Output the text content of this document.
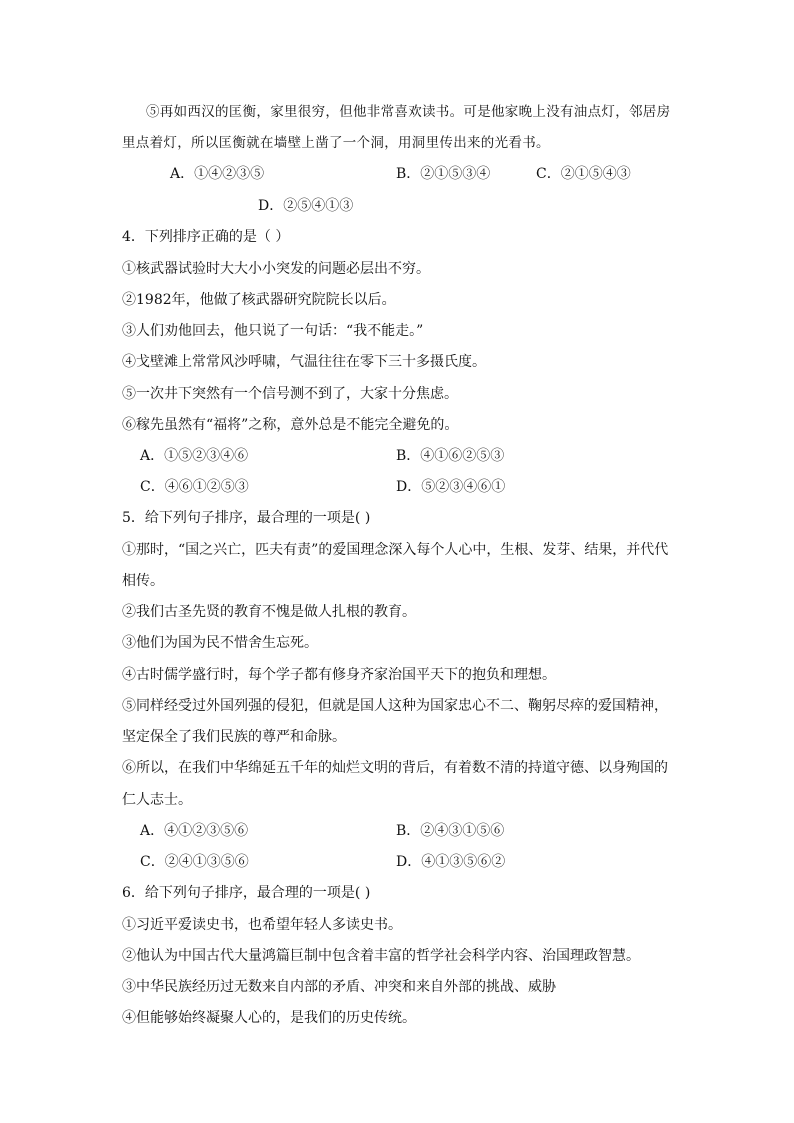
⑤再如西汉的匡衡，家里很穷，但他非常喜欢读书。可是他家晚上没有油点灯，邻居房
里点着灯，所以匡衡就在墙壁上凿了一个洞，用洞里传出来的光看书。
A．①④②③⑤	B．②①⑤③④	C．②①⑤④③
D．②⑤④①③
4．下列排序正确的是（ ）
①核武器试验时大大小小突发的问题必层出不穷。
②1982年，他做了核武器研究院院长以后。
③人们劝他回去，他只说了一句话：“我不能走。”
④戈壁滩上常常风沙呼啸，气温往往在零下三十多摄氏度。
⑤一次井下突然有一个信号测不到了，大家十分焦虑。
⑥稼先虽然有“福将”之称，意外总是不能完全避免的。
A．①⑤②③④⑥	B．④①⑥②⑤③
C．④⑥①②⑤③	D．⑤②③④⑥①
5．给下列句子排序，最合理的一项是( )
①那时，“国之兴亡，匹夫有责”的爱国理念深入每个人心中，生根、发芽、结果，并代代
相传。
②我们古圣先贤的教育不愧是做人扎根的教育。
③他们为国为民不惜舍生忘死。
④古时儒学盛行时，每个学子都有修身齐家治国平天下的抱负和理想。
⑤同样经受过外国列强的侵犯，但就是国人这种为国家忠心不二、鞠躬尽瘁的爱国精神，
坚定保全了我们民族的尊严和命脉。
⑥所以，在我们中华绵延五千年的灿烂文明的背后，有着数不清的持道守德、以身殉国的
仁人志士。
A．④①②③⑤⑥	B．②④③①⑤⑥
C．②④①③⑤⑥	D．④①③⑤⑥②
6．给下列句子排序，最合理的一项是( )
①习近平爱读史书，也希望年轻人多读史书。
②他认为中国古代大量鸿篇巨制中包含着丰富的哲学社会科学内容、治国理政智慧。
③中华民族经历过无数来自内部的矛盾、冲突和来自外部的挑战、威胁
④但能够始终凝聚人心的，是我们的历史传统。
